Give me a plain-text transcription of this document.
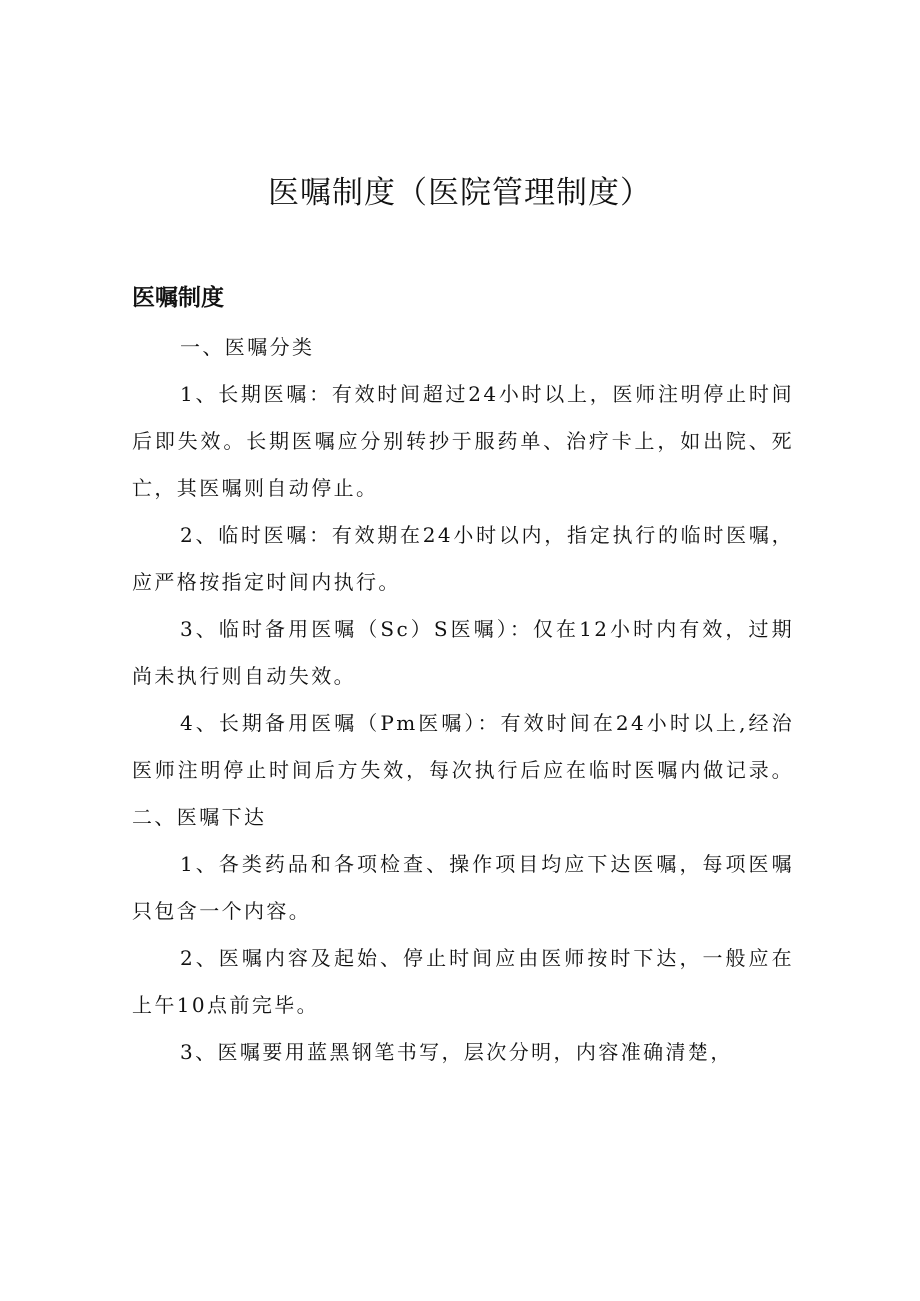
医嘱制度（医院管理制度）
医嘱制度

一、医嘱分类

1、长期医嘱：有效时间超过24小时以上，医师注明停止时间后即失效。长期医嘱应分别转抄于服药单、治疗卡上，如出院、死亡，其医嘱则自动停止。

2、临时医嘱：有效期在24小时以内，指定执行的临时医嘱，应严格按指定时间内执行。

3、临时备用医嘱（Sc）S医嘱）：仅在12小时内有效，过期尚未执行则自动失效。

4、长期备用医嘱（Pm医嘱）：有效时间在24小时以上,经治医师注明停止时间后方失效，每次执行后应在临时医嘱内做记录。二、医嘱下达

1、各类药品和各项检查、操作项目均应下达医嘱，每项医嘱只包含一个内容。

2、医嘱内容及起始、停止时间应由医师按时下达，一般应在上午10点前完毕。

3、医嘱要用蓝黑钢笔书写，层次分明，内容准确清楚，
